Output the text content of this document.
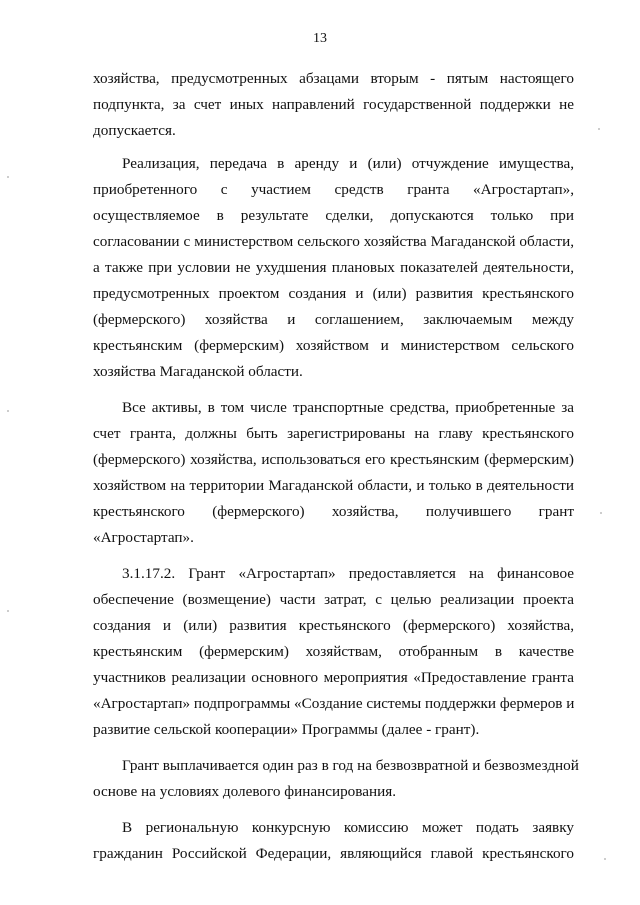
13
хозяйства, предусмотренных абзацами вторым - пятым настоящего
подпункта, за счет иных направлений государственной поддержки не
допускается.
Реализация, передача в аренду и (или) отчуждение имущества,
приобретенного с участием средств гранта «Агростартап»,
осуществляемое в результате сделки, допускаются только при
согласовании с министерством сельского хозяйства Магаданской области,
а также при условии не ухудшения плановых показателей деятельности,
предусмотренных проектом создания и (или) развития крестьянского
(фермерского) хозяйства и соглашением, заключаемым между
крестьянским (фермерским) хозяйством и министерством сельского
хозяйства Магаданской области.
Все активы, в том числе транспортные средства, приобретенные за
счет гранта, должны быть зарегистрированы на главу крестьянского
(фермерского) хозяйства, использоваться его крестьянским (фермерским)
хозяйством на территории Магаданской области, и только в деятельности
крестьянского (фермерского) хозяйства, получившего грант
«Агростартап».
3.1.17.2. Грант «Агростартап» предоставляется на финансовое
обеспечение (возмещение) части затрат, с целью реализации проекта
создания и (или) развития крестьянского (фермерского) хозяйства,
крестьянским (фермерским) хозяйствам, отобранным в качестве
участников реализации основного мероприятия «Предоставление гранта
«Агростартап» подпрограммы «Создание системы поддержки фермеров и
развитие сельской кооперации» Программы (далее - грант).
Грант выплачивается один раз в год на безвозвратной и безвозмездной
основе на условиях долевого финансирования.
В региональную конкурсную комиссию может подать заявку
гражданин Российской Федерации, являющийся главой крестьянского
